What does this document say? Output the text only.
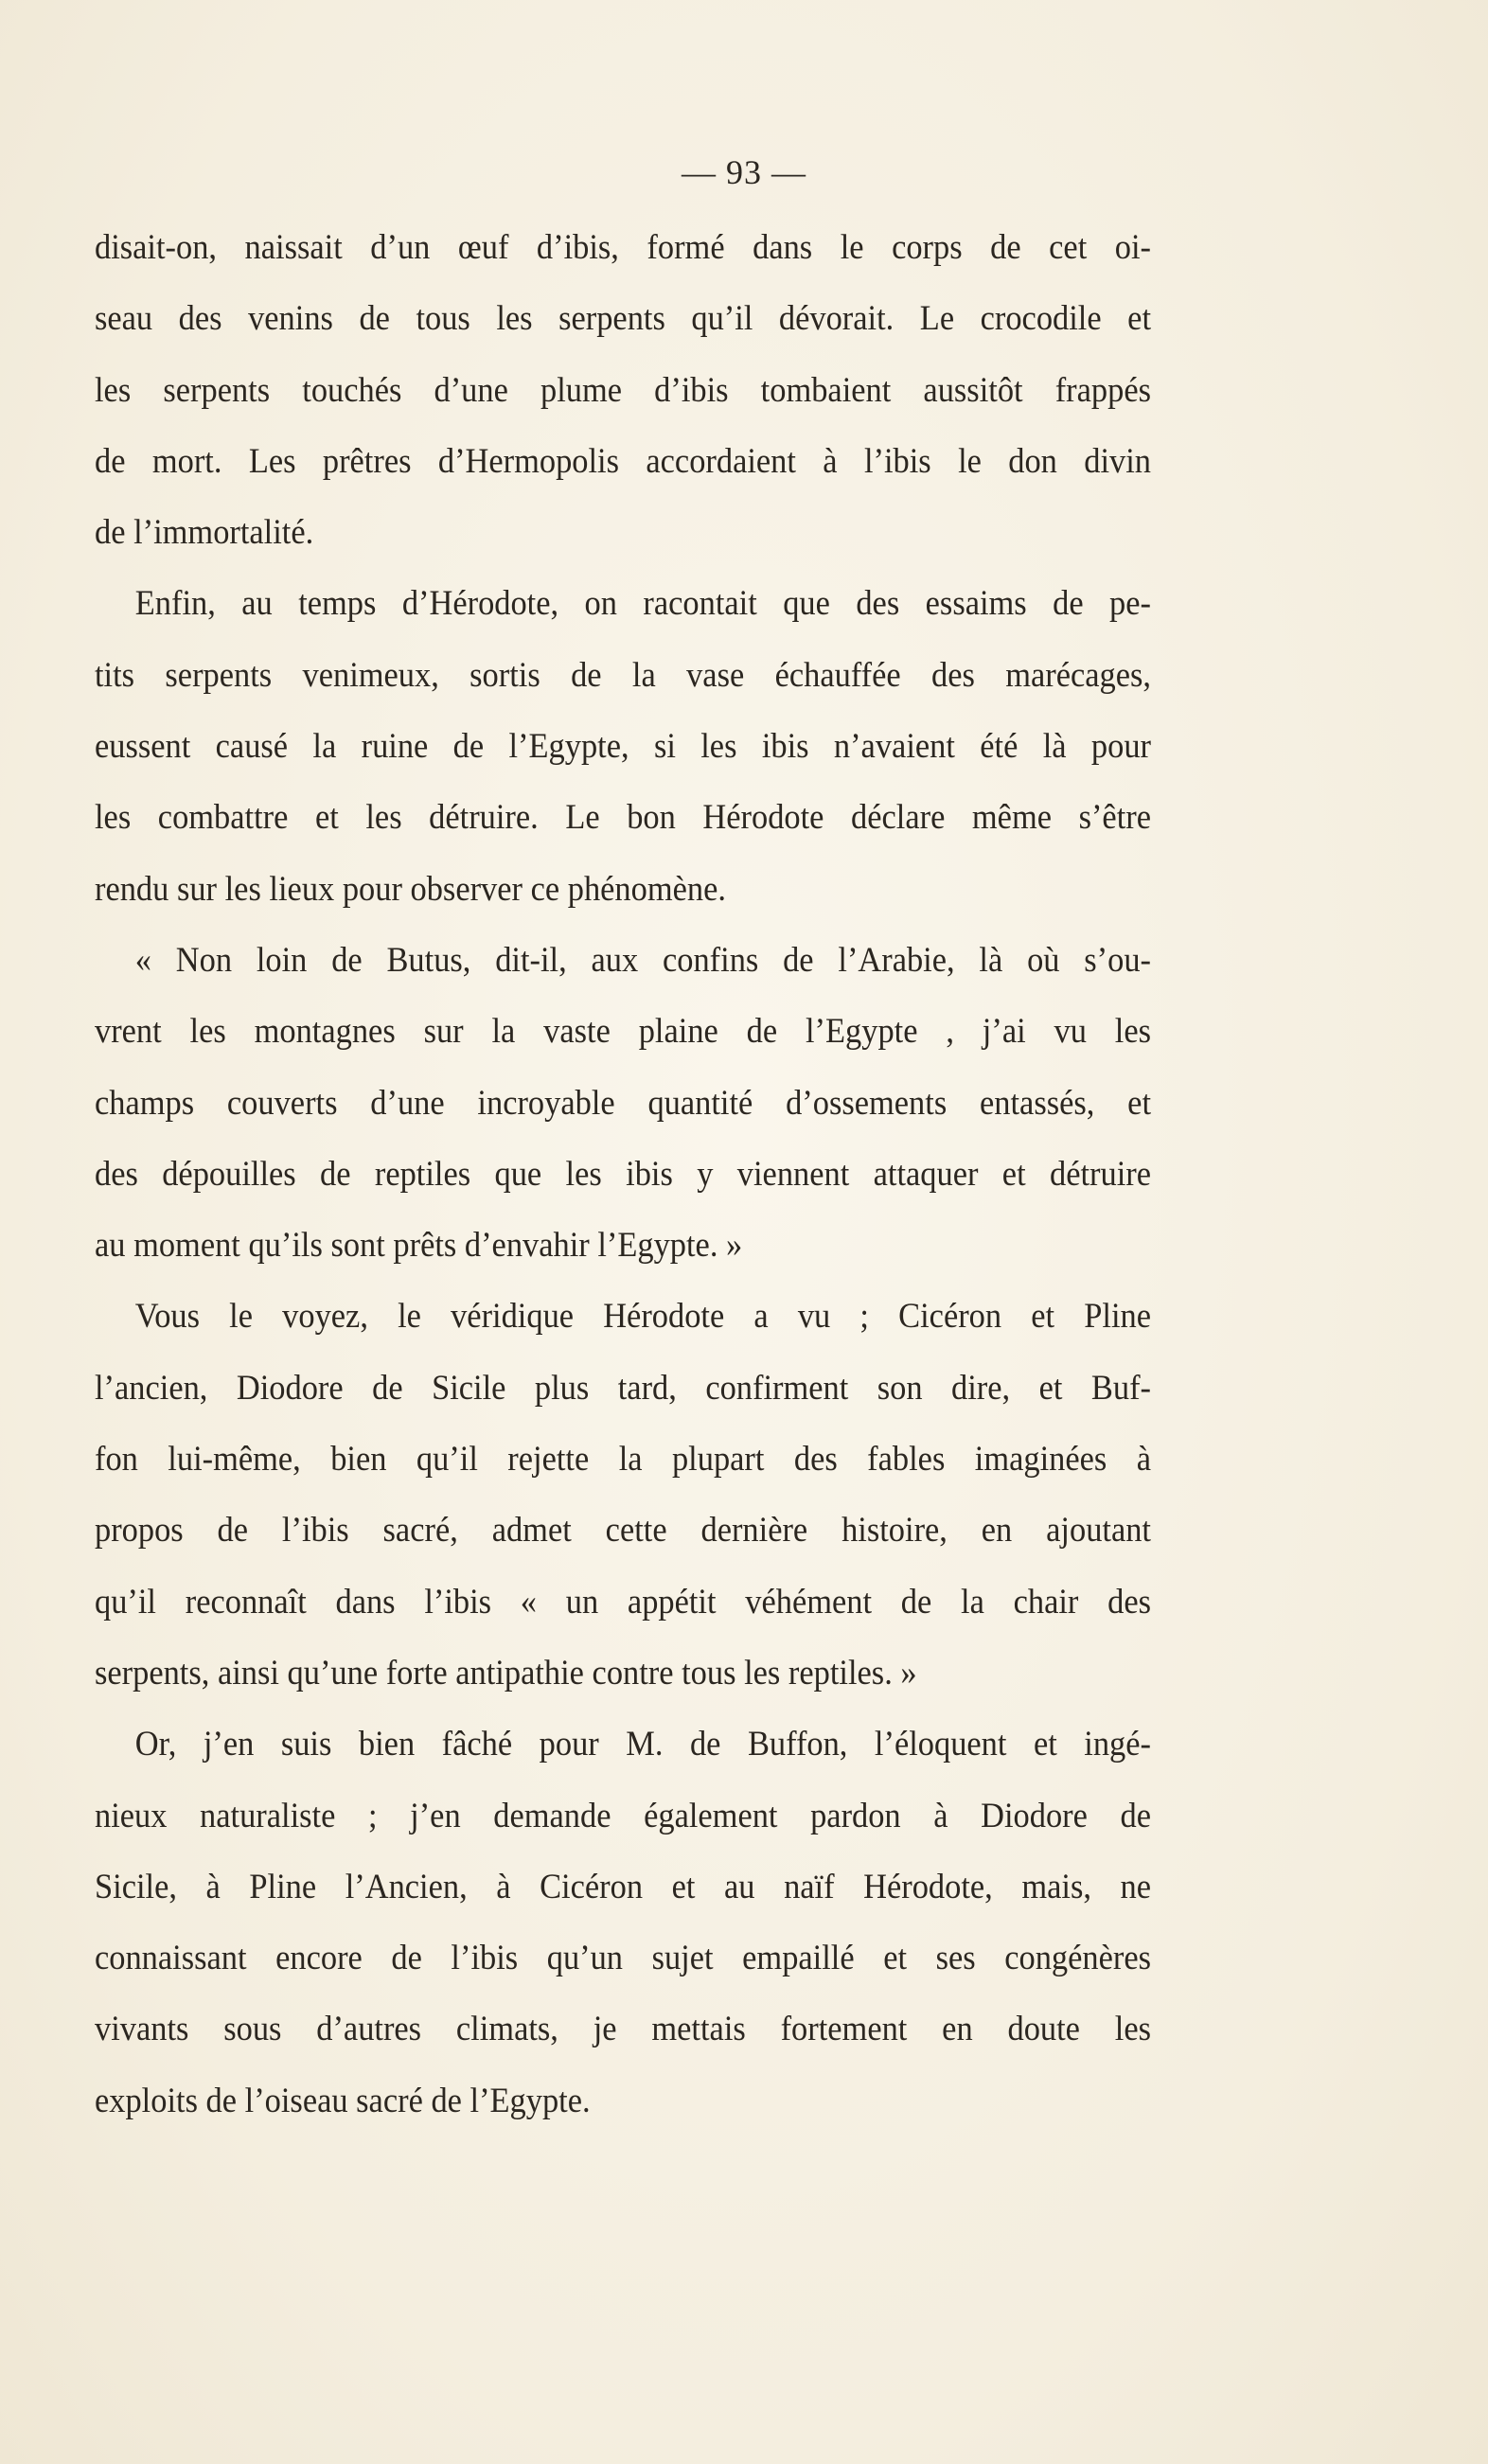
— 93 —
disait-on, naissait d’un œuf d’ibis, formé dans le corps de cet oi-
seau des venins de tous les serpents qu’il dévorait. Le crocodile et
les serpents touchés d’une plume d’ibis tombaient aussitôt frappés
de mort. Les prêtres d’Hermopolis accordaient à l’ibis le don divin
de l’immortalité.
Enfin, au temps d’Hérodote, on racontait que des essaims de pe-
tits serpents venimeux, sortis de la vase échauffée des marécages,
eussent causé la ruine de l’Egypte, si les ibis n’avaient été là pour
les combattre et les détruire. Le bon Hérodote déclare même s’être
rendu sur les lieux pour observer ce phénomène.
« Non loin de Butus, dit-il, aux confins de l’Arabie, là où s’ou-
vrent les montagnes sur la vaste plaine de l’Egypte , j’ai vu les
champs couverts d’une incroyable quantité d’ossements entassés, et
des dépouilles de reptiles que les ibis y viennent attaquer et détruire
au moment qu’ils sont prêts d’envahir l’Egypte. »
Vous le voyez, le véridique Hérodote a vu ; Cicéron et Pline
l’ancien, Diodore de Sicile plus tard, confirment son dire, et Buf-
fon lui-même, bien qu’il rejette la plupart des fables imaginées à
propos de l’ibis sacré, admet cette dernière histoire, en ajoutant
qu’il reconnaît dans l’ibis « un appétit véhément de la chair des
serpents, ainsi qu’une forte antipathie contre tous les reptiles. »
Or, j’en suis bien fâché pour M. de Buffon, l’éloquent et ingé-
nieux naturaliste ; j’en demande également pardon à Diodore de
Sicile, à Pline l’Ancien, à Cicéron et au naïf Hérodote, mais, ne
connaissant encore de l’ibis qu’un sujet empaillé et ses congénères
vivants sous d’autres climats, je mettais fortement en doute les
exploits de l’oiseau sacré de l’Egypte.
